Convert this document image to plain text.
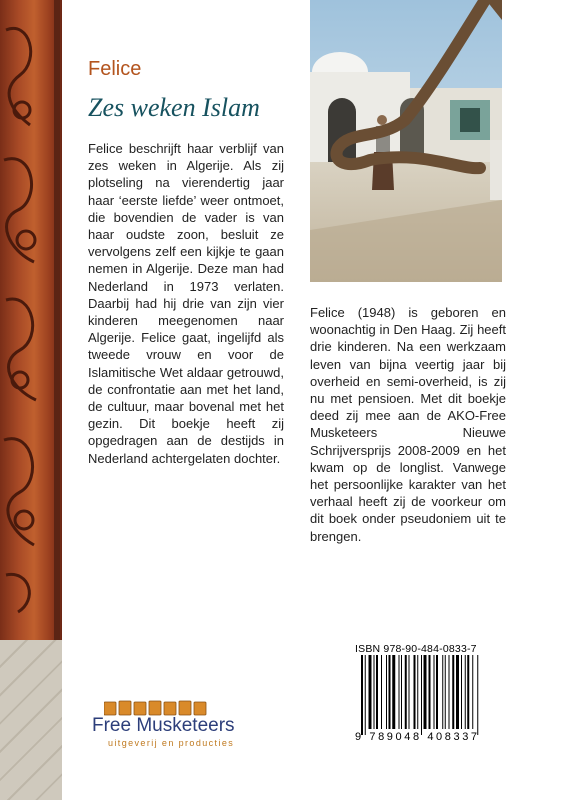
Felice
Zes weken Islam
Felice beschrijft haar verblijf van zes weken in Algerije. Als zij plotseling na vierendertig jaar haar ‘eerste liefde’ weer ontmoet, die bovendien de vader is van haar oudste zoon, besluit ze vervolgens zelf een kijkje te gaan nemen in Algerije. Deze man had Nederland in 1973 verlaten. Daarbij had hij drie van zijn vier kinderen meegenomen naar Algerije. Felice gaat, ingelijfd als tweede vrouw en voor de Islamitische Wet aldaar getrouwd, de confrontatie aan met het land, de cultuur, maar bovenal met het gezin. Dit boekje heeft zij opgedragen aan de destijds in Nederland achtergelaten dochter.
Felice (1948) is geboren en woonachtig in Den Haag. Zij heeft drie kinderen. Na een werkzaam leven van bijna veertig jaar bij overheid en semi-overheid, is zij nu met pensioen. Met dit boekje deed zij mee aan de AKO-Free Musketeers Nieuwe Schrijversprijs 2008-2009 en het kwam op de longlist. Vanwege het persoonlijke karakter van het verhaal heeft zij de voorkeur om dit boek onder pseudoniem uit te brengen.
ISBN 978-90-484-0833-7
9 789048 408337
Free Musketeers
uitgeverij en producties
